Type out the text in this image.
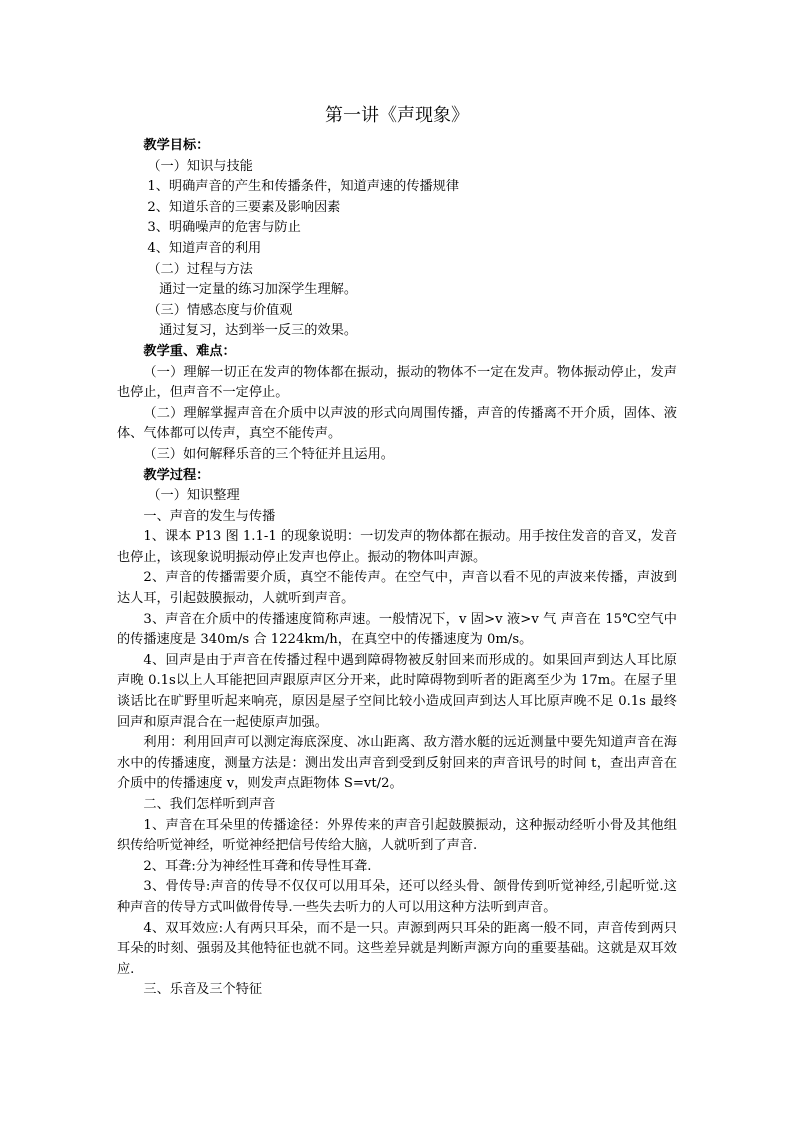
第一讲《声现象》

教学目标：

（一）知识与技能

1、明确声音的产生和传播条件，知道声速的传播规律

2、知道乐音的三要素及影响因素

3、明确噪声的危害与防止

4、知道声音的利用

（二）过程与方法

通过一定量的练习加深学生理解。

（三）情感态度与价值观

通过复习，达到举一反三的效果。

教学重、难点：

（一）理解一切正在发声的物体都在振动，振动的物体不一定在发声。物体振动停止，发声也停止，但声音不一定停止。

（二）理解掌握声音在介质中以声波的形式向周围传播，声音的传播离不开介质，固体、液体、气体都可以传声，真空不能传声。

（三）如何解释乐音的三个特征并且运用。

教学过程：

（一）知识整理

一、声音的发生与传播

1、课本 P13 图 1.1-1 的现象说明：一切发声的物体都在振动。用手按住发音的音叉，发音也停止，该现象说明振动停止发声也停止。振动的物体叫声源。

2、声音的传播需要介质，真空不能传声。在空气中，声音以看不见的声波来传播，声波到达人耳，引起鼓膜振动，人就听到声音。

3、声音在介质中的传播速度简称声速。一般情况下，v 固>v 液>v 气 声音在 15℃空气中的传播速度是 340m/s 合 1224km/h，在真空中的传播速度为 0m/s。

4、回声是由于声音在传播过程中遇到障碍物被反射回来而形成的。如果回声到达人耳比原声晚 0.1s以上人耳能把回声跟原声区分开来，此时障碍物到听者的距离至少为 17m。在屋子里谈话比在旷野里听起来响亮，原因是屋子空间比较小造成回声到达人耳比原声晚不足 0.1s 最终回声和原声混合在一起使原声加强。

利用：利用回声可以测定海底深度、冰山距离、敌方潜水艇的远近测量中要先知道声音在海水中的传播速度，测量方法是：测出发出声音到受到反射回来的声音讯号的时间 t，查出声音在介质中的传播速度 v，则发声点距物体 S=vt/2。

二、我们怎样听到声音

1、声音在耳朵里的传播途径：外界传来的声音引起鼓膜振动，这种振动经听小骨及其他组织传给听觉神经，听觉神经把信号传给大脑，人就听到了声音.

2、耳聋:分为神经性耳聋和传导性耳聋.

3、骨传导:声音的传导不仅仅可以用耳朵，还可以经头骨、颌骨传到听觉神经,引起听觉.这种声音的传导方式叫做骨传导.一些失去听力的人可以用这种方法听到声音。

4、双耳效应:人有两只耳朵，而不是一只。声源到两只耳朵的距离一般不同，声音传到两只耳朵的时刻、强弱及其他特征也就不同。这些差异就是判断声源方向的重要基础。这就是双耳效应.

三、乐音及三个特征
